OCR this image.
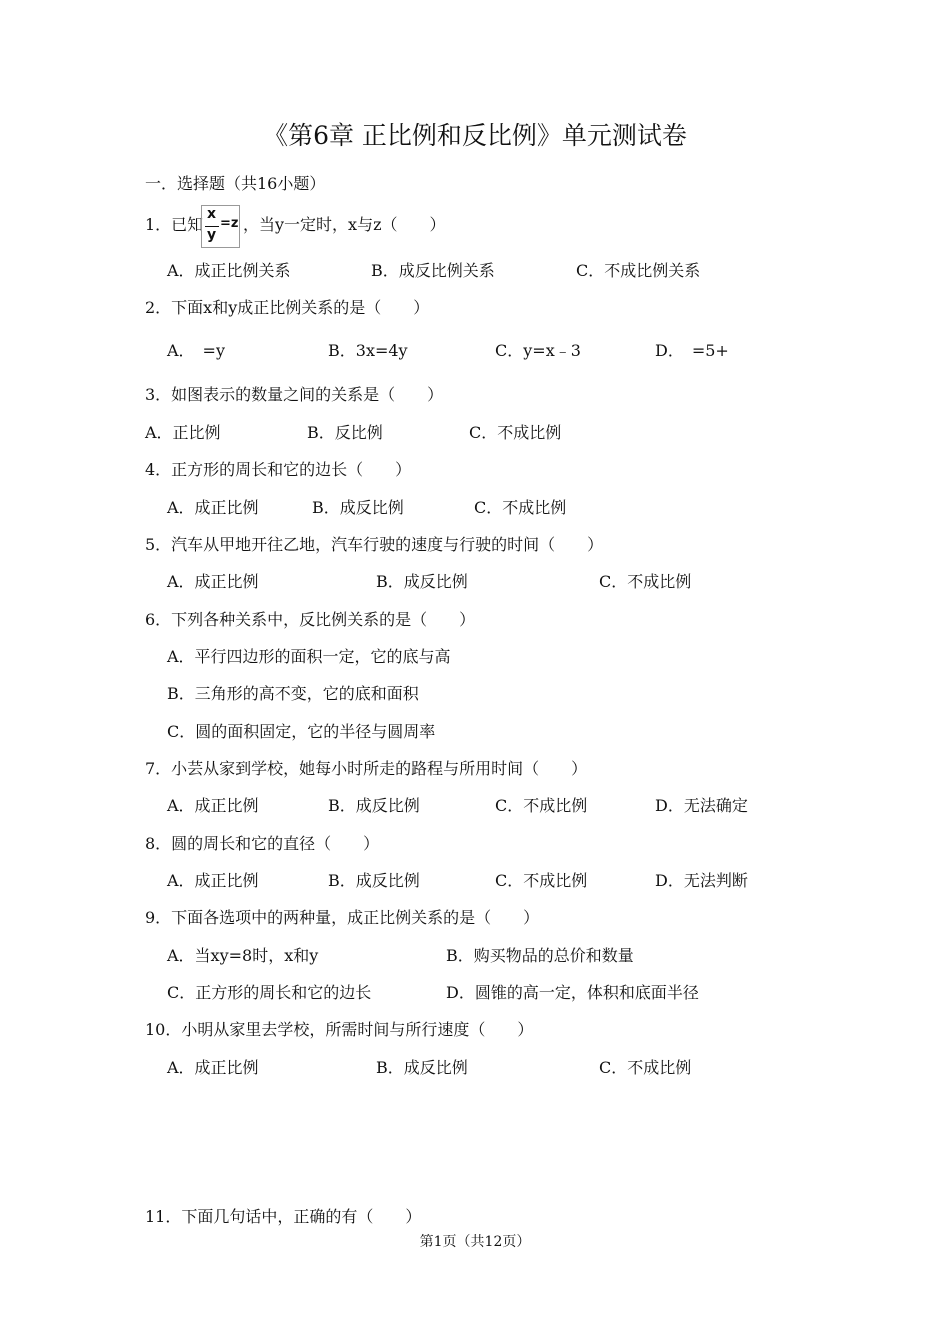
《第6章 正比例和反比例》单元测试卷
一．选择题（共16小题）
1．已知
x
y
=z ，当y一定时，x与z（　　）
A．成正比例关系	B．成反比例关系	C．不成比例关系
2．下面x和y成正比例关系的是（　　）
A．　=y	B．3x=4y	C．y=x﹣3	D．　=5+
3．如图表示的数量之间的关系是（　　）
A．正比例	B．反比例	C．不成比例
4．正方形的周长和它的边长（　　）
A．成正比例	B．成反比例	C．不成比例
5．汽车从甲地开往乙地，汽车行驶的速度与行驶的时间（　　）
A．成正比例	B．成反比例	C．不成比例
6．下列各种关系中，反比例关系的是（　　）
A．平行四边形的面积一定，它的底与高
B．三角形的高不变，它的底和面积
C．圆的面积固定，它的半径与圆周率
7．小芸从家到学校，她每小时所走的路程与所用时间（　　）
A．成正比例	B．成反比例	C．不成比例	D．无法确定
8．圆的周长和它的直径（　　）
A．成正比例	B．成反比例	C．不成比例	D．无法判断
9．下面各选项中的两种量，成正比例关系的是（　　）
A．当xy=8时，x和y	B．购买物品的总价和数量
C．正方形的周长和它的边长	D．圆锥的高一定，体积和底面半径
10．小明从家里去学校，所需时间与所行速度（　　）
A．成正比例	B．成反比例	C．不成比例
11．下面几句话中，正确的有（　　）
第1页（共12页）
